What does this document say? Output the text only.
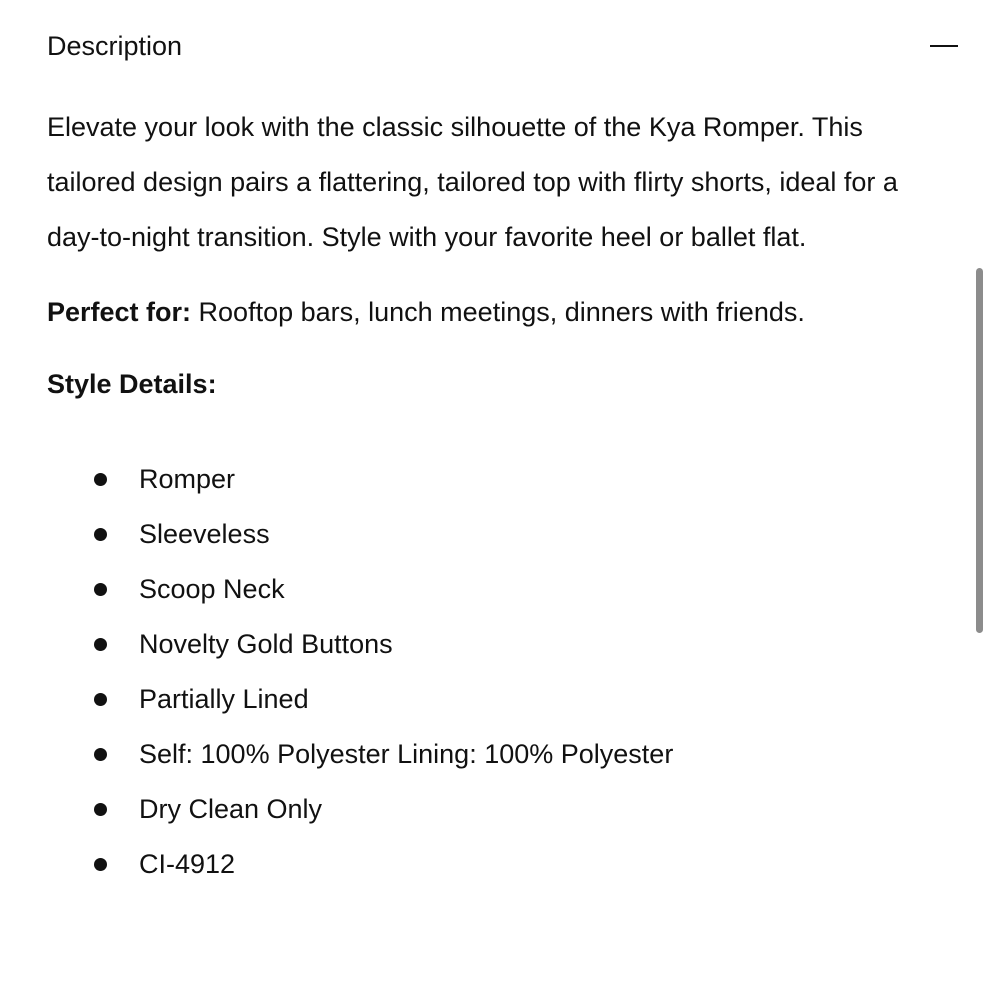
Description

Elevate your look with the classic silhouette of the Kya Romper. This tailored design pairs a flattering, tailored top with flirty shorts, ideal for a day-to-night transition. Style with your favorite heel or ballet flat.

Perfect for: Rooftop bars, lunch meetings, dinners with friends.

Style Details:

Romper
Sleeveless
Scoop Neck
Novelty Gold Buttons
Partially Lined
Self: 100% Polyester Lining: 100% Polyester
Dry Clean Only
CI-4912
